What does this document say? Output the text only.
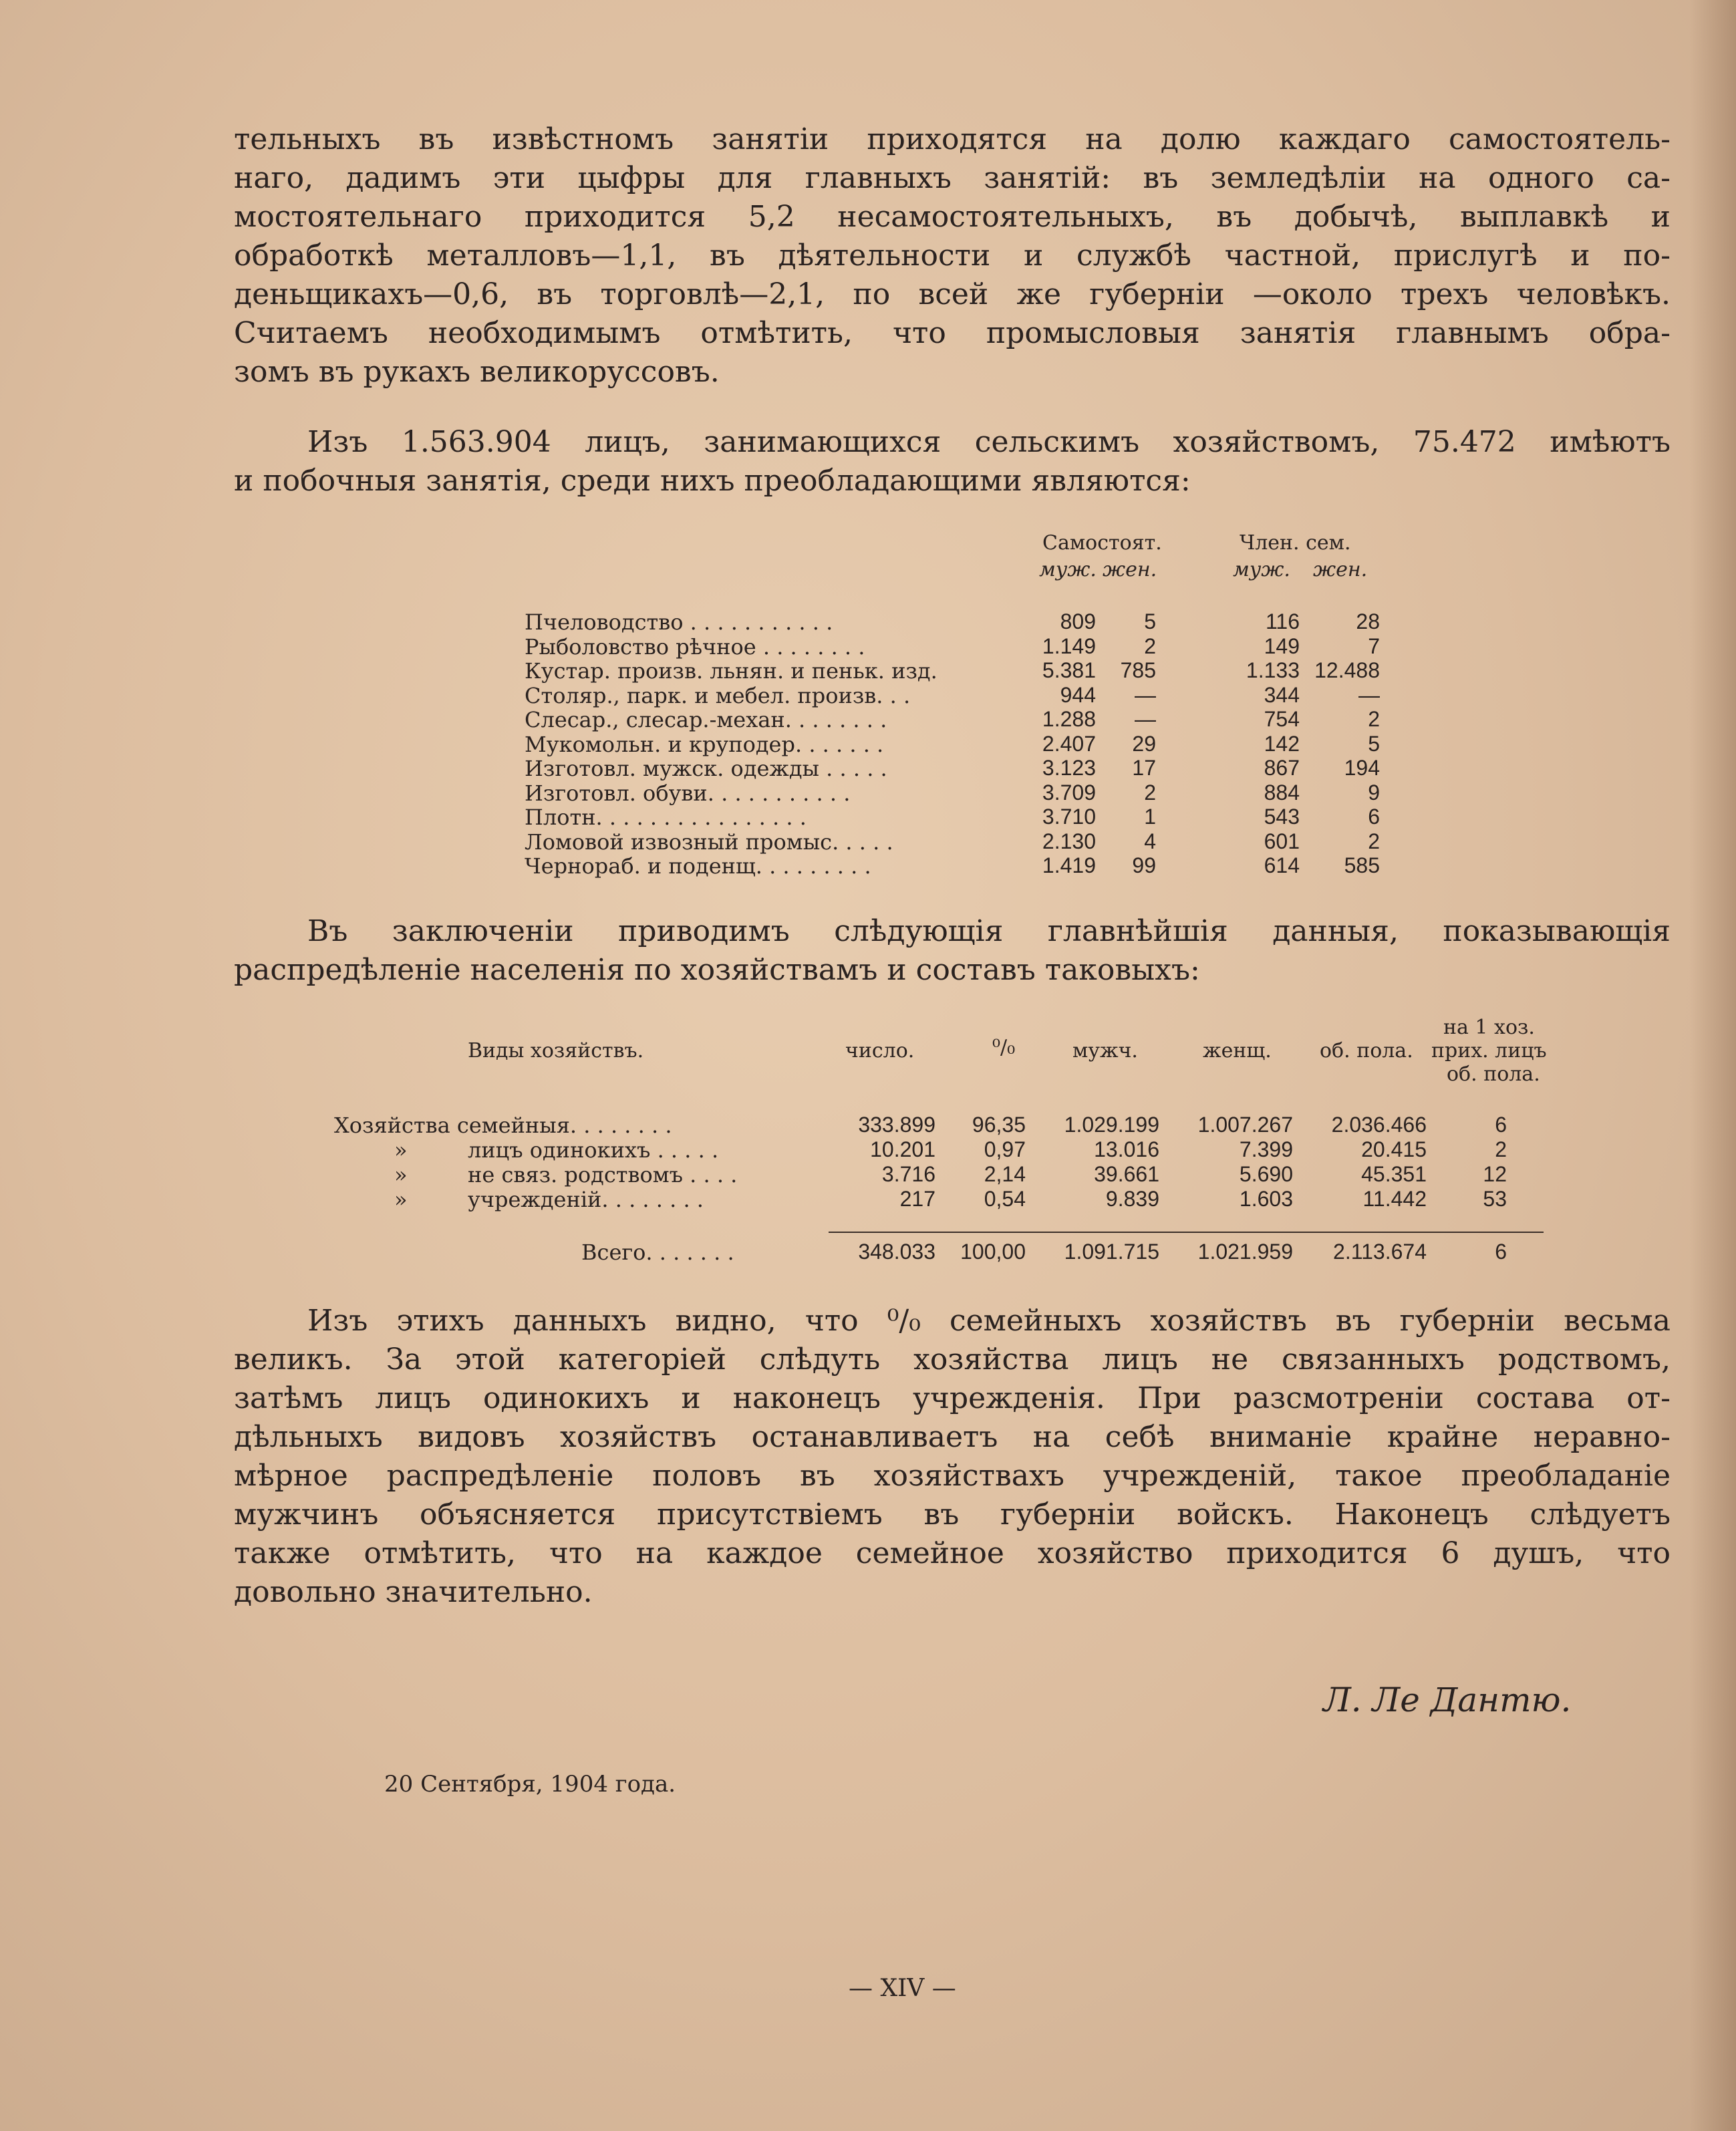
тельныхъ въ извѣстномъ занятiи приходятся на долю каждаго самостоятель-
наго, дадимъ эти цыфры для главныхъ занятiй: въ земледѣлiи на одного са-
мостоятельнаго приходится 5,2 несамостоятельныхъ, въ добычѣ, выплавкѣ и
обработкѣ металловъ—1,1, въ дѣятельности и службѣ частной, прислугѣ и по-
деньщикахъ—0,6, въ торговлѣ—2,1, по всей же губернiи —около трехъ человѣкъ.
Считаемъ необходимымъ отмѣтить, что промысловыя занятiя главнымъ обра-
зомъ въ рукахъ великоруссовъ.
Изъ 1.563.904 лицъ, занимающихся сельскимъ хозяйствомъ, 75.472 имѣютъ
и побочныя занятiя, среди нихъ преобладающими являются:
Самостоят.	Член. сем.
муж. жен.	муж. жен.
Пчеловодство . . . . . . . . . . .	809	5	116	28
Рыболовство рѣчное . . . . . . . .	1.149	2	149	7
Кустар. произв. льнян. и пеньк. изд.	5.381	785	1.133 12.488
Столяр., парк. и мебел. произв. . .	944	—	344	—
Слесар., слесар.-механ. . . . . . . .	1.288	—	754	2
Мукомольн. и круподер. . . . . . .	2.407	29	142	5
Изготовл. мужск. одежды . . . . .	3.123	17	867	194
Изготовл. обуви. . . . . . . . . . .	3.709	2	884	9
Плотн. . . . . . . . . . . . . . . .	3.710	1	543	6
Ломовой извозный промыс. . . . .	2.130	4	601	2
Чернораб. и поденщ. . . . . . . . .	1.419	99	614	585
Въ заключенiи приводимъ слѣдующiя главнѣйшiя данныя, показывающiя
распредѣленiе населенiя по хозяйствамъ и составъ таковыхъ:
Виды хозяйствъ.	число.	⁰/₀	мужч.	женщ. об. пола.
на 1 хоз.
прих. лицъ
об. пола.
Хозяйства семейныя. . . . . . . .	333.899	96,35	1.029.199	1.007.267	2.036.466	6
»	лицъ одинокихъ . . . . .	10.201	0,97	13.016	7.399	20.415	2
»	не связ. родствомъ . . . .	3.716	2,14	39.661	5.690	45.351	12
»	учрежденiй. . . . . . . .	217	0,54	9.839	1.603	11.442	53
Всего. . . . . . .	348.033	100,00	1.091.715	1.021.959	2.113.674	6
Изъ этихъ данныхъ видно, что ⁰/₀ семейныхъ хозяйствъ въ губернiи весьма
великъ. За этой категорiей слѣдуть хозяйства лицъ не связанныхъ родствомъ,
затѣмъ лицъ одинокихъ и наконецъ учрежденiя. При разсмотренiи состава от-
дѣльныхъ видовъ хозяйствъ останавливаетъ на себѣ вниманiе крайне неравно-
мѣрное распредѣленiе половъ въ хозяйствахъ учрежденiй, такое преобладанiе
мужчинъ объясняется присутствiемъ въ губернiи войскъ. Наконецъ слѣдуетъ
также отмѣтить, что на каждое семейное хозяйство приходится 6 душъ, что
довольно значительно.
Л. Ле Дантю.
20 Сентября, 1904 года.
— XIV —
